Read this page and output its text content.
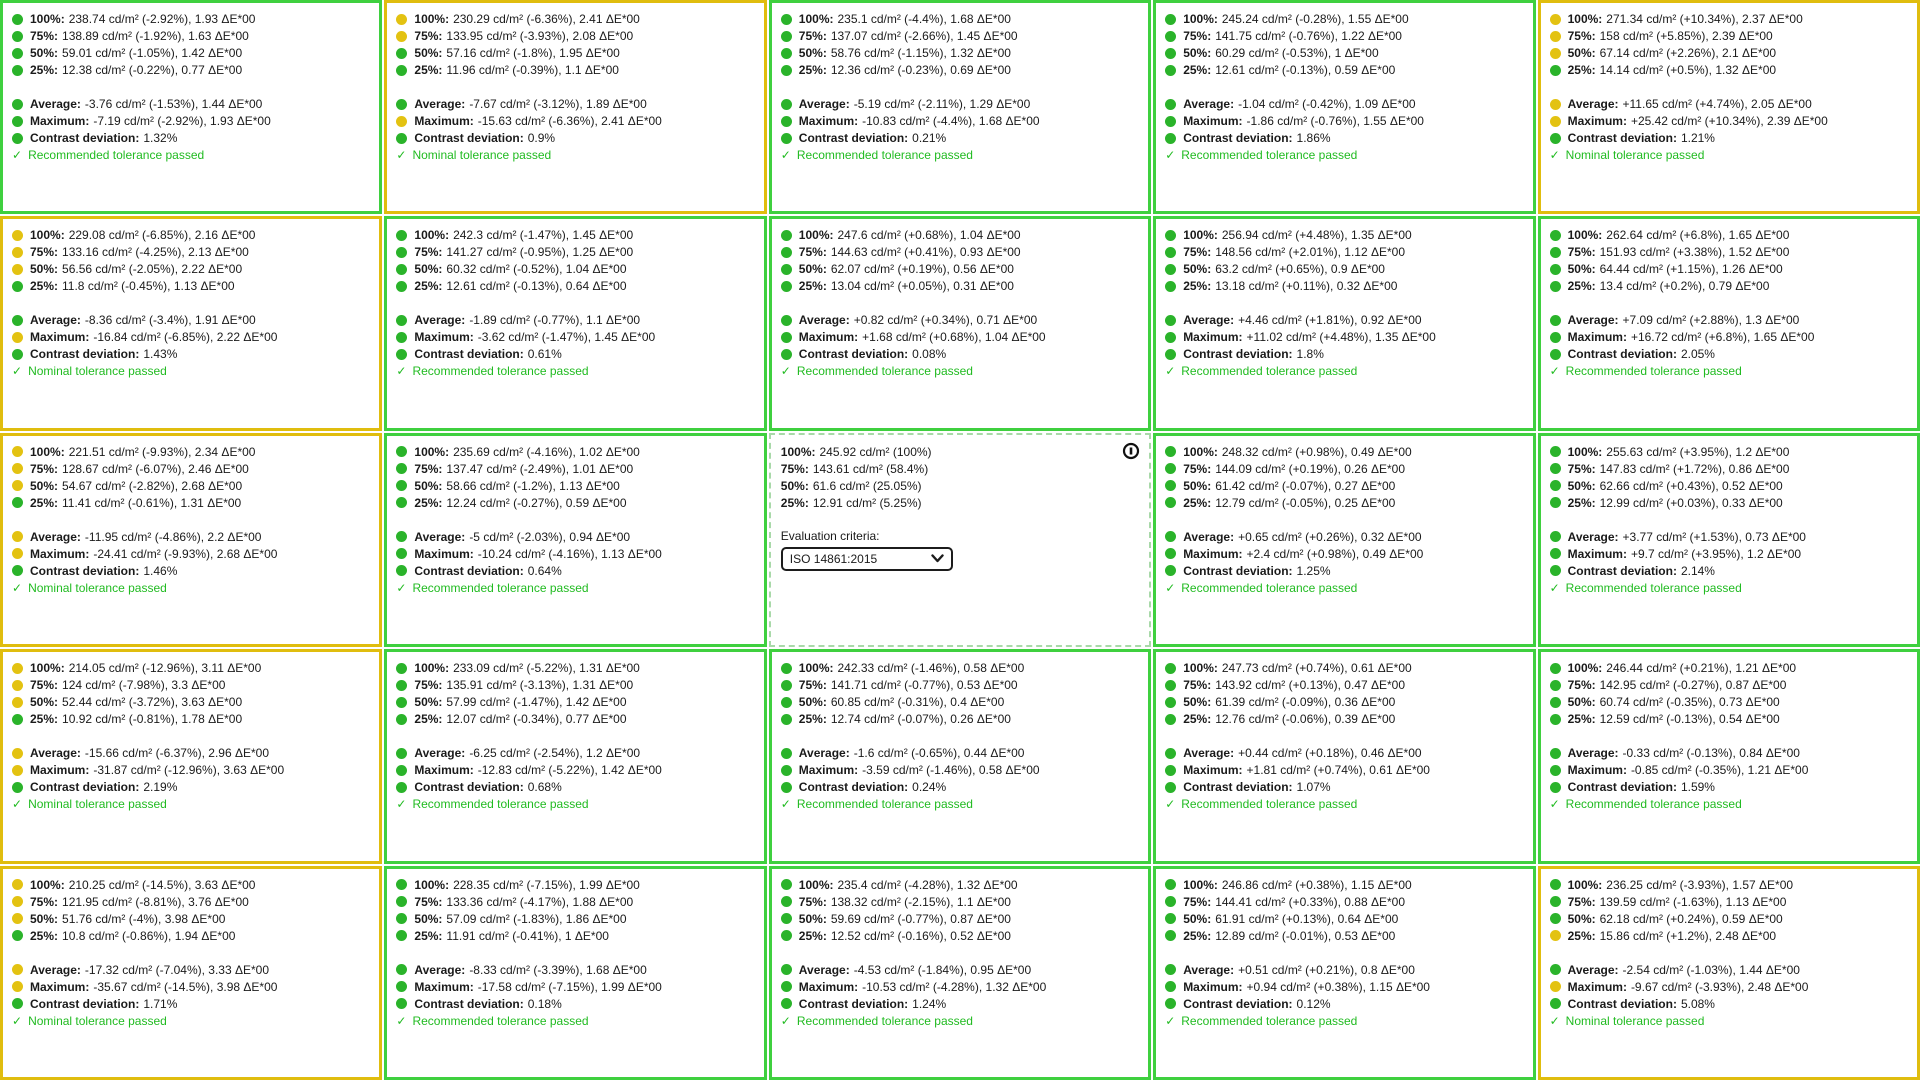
100%: 238.74 cd/m² (-2.92%), 1.93 ΔE*00
75%: 138.89 cd/m² (-1.92%), 1.63 ΔE*00
50%: 59.01 cd/m² (-1.05%), 1.42 ΔE*00
25%: 12.38 cd/m² (-0.22%), 0.77 ΔE*00
Average: -3.76 cd/m² (-1.53%), 1.44 ΔE*00
Maximum: -7.19 cd/m² (-2.92%), 1.93 ΔE*00
Contrast deviation: 1.32%
✓ Recommended tolerance passed
100%: 230.29 cd/m² (-6.36%), 2.41 ΔE*00
75%: 133.95 cd/m² (-3.93%), 2.08 ΔE*00
50%: 57.16 cd/m² (-1.8%), 1.95 ΔE*00
25%: 11.96 cd/m² (-0.39%), 1.1 ΔE*00
Average: -7.67 cd/m² (-3.12%), 1.89 ΔE*00
Maximum: -15.63 cd/m² (-6.36%), 2.41 ΔE*00
Contrast deviation: 0.9%
✓ Nominal tolerance passed
100%: 235.1 cd/m² (-4.4%), 1.68 ΔE*00
75%: 137.07 cd/m² (-2.66%), 1.45 ΔE*00
50%: 58.76 cd/m² (-1.15%), 1.32 ΔE*00
25%: 12.36 cd/m² (-0.23%), 0.69 ΔE*00
Average: -5.19 cd/m² (-2.11%), 1.29 ΔE*00
Maximum: -10.83 cd/m² (-4.4%), 1.68 ΔE*00
Contrast deviation: 0.21%
✓ Recommended tolerance passed
100%: 245.24 cd/m² (-0.28%), 1.55 ΔE*00
75%: 141.75 cd/m² (-0.76%), 1.22 ΔE*00
50%: 60.29 cd/m² (-0.53%), 1 ΔE*00
25%: 12.61 cd/m² (-0.13%), 0.59 ΔE*00
Average: -1.04 cd/m² (-0.42%), 1.09 ΔE*00
Maximum: -1.86 cd/m² (-0.76%), 1.55 ΔE*00
Contrast deviation: 1.86%
✓ Recommended tolerance passed
100%: 271.34 cd/m² (+10.34%), 2.37 ΔE*00
75%: 158 cd/m² (+5.85%), 2.39 ΔE*00
50%: 67.14 cd/m² (+2.26%), 2.1 ΔE*00
25%: 14.14 cd/m² (+0.5%), 1.32 ΔE*00
Average: +11.65 cd/m² (+4.74%), 2.05 ΔE*00
Maximum: +25.42 cd/m² (+10.34%), 2.39 ΔE*00
Contrast deviation: 1.21%
✓ Nominal tolerance passed
100%: 229.08 cd/m² (-6.85%), 2.16 ΔE*00
75%: 133.16 cd/m² (-4.25%), 2.13 ΔE*00
50%: 56.56 cd/m² (-2.05%), 2.22 ΔE*00
25%: 11.8 cd/m² (-0.45%), 1.13 ΔE*00
Average: -8.36 cd/m² (-3.4%), 1.91 ΔE*00
Maximum: -16.84 cd/m² (-6.85%), 2.22 ΔE*00
Contrast deviation: 1.43%
✓ Nominal tolerance passed
100%: 242.3 cd/m² (-1.47%), 1.45 ΔE*00
75%: 141.27 cd/m² (-0.95%), 1.25 ΔE*00
50%: 60.32 cd/m² (-0.52%), 1.04 ΔE*00
25%: 12.61 cd/m² (-0.13%), 0.64 ΔE*00
Average: -1.89 cd/m² (-0.77%), 1.1 ΔE*00
Maximum: -3.62 cd/m² (-1.47%), 1.45 ΔE*00
Contrast deviation: 0.61%
✓ Recommended tolerance passed
100%: 247.6 cd/m² (+0.68%), 1.04 ΔE*00
75%: 144.63 cd/m² (+0.41%), 0.93 ΔE*00
50%: 62.07 cd/m² (+0.19%), 0.56 ΔE*00
25%: 13.04 cd/m² (+0.05%), 0.31 ΔE*00
Average: +0.82 cd/m² (+0.34%), 0.71 ΔE*00
Maximum: +1.68 cd/m² (+0.68%), 1.04 ΔE*00
Contrast deviation: 0.08%
✓ Recommended tolerance passed
100%: 256.94 cd/m² (+4.48%), 1.35 ΔE*00
75%: 148.56 cd/m² (+2.01%), 1.12 ΔE*00
50%: 63.2 cd/m² (+0.65%), 0.9 ΔE*00
25%: 13.18 cd/m² (+0.11%), 0.32 ΔE*00
Average: +4.46 cd/m² (+1.81%), 0.92 ΔE*00
Maximum: +11.02 cd/m² (+4.48%), 1.35 ΔE*00
Contrast deviation: 1.8%
✓ Recommended tolerance passed
100%: 262.64 cd/m² (+6.8%), 1.65 ΔE*00
75%: 151.93 cd/m² (+3.38%), 1.52 ΔE*00
50%: 64.44 cd/m² (+1.15%), 1.26 ΔE*00
25%: 13.4 cd/m² (+0.2%), 0.79 ΔE*00
Average: +7.09 cd/m² (+2.88%), 1.3 ΔE*00
Maximum: +16.72 cd/m² (+6.8%), 1.65 ΔE*00
Contrast deviation: 2.05%
✓ Recommended tolerance passed
100%: 221.51 cd/m² (-9.93%), 2.34 ΔE*00
75%: 128.67 cd/m² (-6.07%), 2.46 ΔE*00
50%: 54.67 cd/m² (-2.82%), 2.68 ΔE*00
25%: 11.41 cd/m² (-0.61%), 1.31 ΔE*00
Average: -11.95 cd/m² (-4.86%), 2.2 ΔE*00
Maximum: -24.41 cd/m² (-9.93%), 2.68 ΔE*00
Contrast deviation: 1.46%
✓ Nominal tolerance passed
100%: 235.69 cd/m² (-4.16%), 1.02 ΔE*00
75%: 137.47 cd/m² (-2.49%), 1.01 ΔE*00
50%: 58.66 cd/m² (-1.2%), 1.13 ΔE*00
25%: 12.24 cd/m² (-0.27%), 0.59 ΔE*00
Average: -5 cd/m² (-2.03%), 0.94 ΔE*00
Maximum: -10.24 cd/m² (-4.16%), 1.13 ΔE*00
Contrast deviation: 0.64%
✓ Recommended tolerance passed
100%: 245.92 cd/m² (100%)
75%: 143.61 cd/m² (58.4%)
50%: 61.6 cd/m² (25.05%)
25%: 12.91 cd/m² (5.25%)
Evaluation criteria:
ISO 14861:2015
100%: 248.32 cd/m² (+0.98%), 0.49 ΔE*00
75%: 144.09 cd/m² (+0.19%), 0.26 ΔE*00
50%: 61.42 cd/m² (-0.07%), 0.27 ΔE*00
25%: 12.79 cd/m² (-0.05%), 0.25 ΔE*00
Average: +0.65 cd/m² (+0.26%), 0.32 ΔE*00
Maximum: +2.4 cd/m² (+0.98%), 0.49 ΔE*00
Contrast deviation: 1.25%
✓ Recommended tolerance passed
100%: 255.63 cd/m² (+3.95%), 1.2 ΔE*00
75%: 147.83 cd/m² (+1.72%), 0.86 ΔE*00
50%: 62.66 cd/m² (+0.43%), 0.52 ΔE*00
25%: 12.99 cd/m² (+0.03%), 0.33 ΔE*00
Average: +3.77 cd/m² (+1.53%), 0.73 ΔE*00
Maximum: +9.7 cd/m² (+3.95%), 1.2 ΔE*00
Contrast deviation: 2.14%
✓ Recommended tolerance passed
100%: 214.05 cd/m² (-12.96%), 3.11 ΔE*00
75%: 124 cd/m² (-7.98%), 3.3 ΔE*00
50%: 52.44 cd/m² (-3.72%), 3.63 ΔE*00
25%: 10.92 cd/m² (-0.81%), 1.78 ΔE*00
Average: -15.66 cd/m² (-6.37%), 2.96 ΔE*00
Maximum: -31.87 cd/m² (-12.96%), 3.63 ΔE*00
Contrast deviation: 2.19%
✓ Nominal tolerance passed
100%: 233.09 cd/m² (-5.22%), 1.31 ΔE*00
75%: 135.91 cd/m² (-3.13%), 1.31 ΔE*00
50%: 57.99 cd/m² (-1.47%), 1.42 ΔE*00
25%: 12.07 cd/m² (-0.34%), 0.77 ΔE*00
Average: -6.25 cd/m² (-2.54%), 1.2 ΔE*00
Maximum: -12.83 cd/m² (-5.22%), 1.42 ΔE*00
Contrast deviation: 0.68%
✓ Recommended tolerance passed
100%: 242.33 cd/m² (-1.46%), 0.58 ΔE*00
75%: 141.71 cd/m² (-0.77%), 0.53 ΔE*00
50%: 60.85 cd/m² (-0.31%), 0.4 ΔE*00
25%: 12.74 cd/m² (-0.07%), 0.26 ΔE*00
Average: -1.6 cd/m² (-0.65%), 0.44 ΔE*00
Maximum: -3.59 cd/m² (-1.46%), 0.58 ΔE*00
Contrast deviation: 0.24%
✓ Recommended tolerance passed
100%: 247.73 cd/m² (+0.74%), 0.61 ΔE*00
75%: 143.92 cd/m² (+0.13%), 0.47 ΔE*00
50%: 61.39 cd/m² (-0.09%), 0.36 ΔE*00
25%: 12.76 cd/m² (-0.06%), 0.39 ΔE*00
Average: +0.44 cd/m² (+0.18%), 0.46 ΔE*00
Maximum: +1.81 cd/m² (+0.74%), 0.61 ΔE*00
Contrast deviation: 1.07%
✓ Recommended tolerance passed
100%: 246.44 cd/m² (+0.21%), 1.21 ΔE*00
75%: 142.95 cd/m² (-0.27%), 0.87 ΔE*00
50%: 60.74 cd/m² (-0.35%), 0.73 ΔE*00
25%: 12.59 cd/m² (-0.13%), 0.54 ΔE*00
Average: -0.33 cd/m² (-0.13%), 0.84 ΔE*00
Maximum: -0.85 cd/m² (-0.35%), 1.21 ΔE*00
Contrast deviation: 1.59%
✓ Recommended tolerance passed
100%: 210.25 cd/m² (-14.5%), 3.63 ΔE*00
75%: 121.95 cd/m² (-8.81%), 3.76 ΔE*00
50%: 51.76 cd/m² (-4%), 3.98 ΔE*00
25%: 10.8 cd/m² (-0.86%), 1.94 ΔE*00
Average: -17.32 cd/m² (-7.04%), 3.33 ΔE*00
Maximum: -35.67 cd/m² (-14.5%), 3.98 ΔE*00
Contrast deviation: 1.71%
✓ Nominal tolerance passed
100%: 228.35 cd/m² (-7.15%), 1.99 ΔE*00
75%: 133.36 cd/m² (-4.17%), 1.88 ΔE*00
50%: 57.09 cd/m² (-1.83%), 1.86 ΔE*00
25%: 11.91 cd/m² (-0.41%), 1 ΔE*00
Average: -8.33 cd/m² (-3.39%), 1.68 ΔE*00
Maximum: -17.58 cd/m² (-7.15%), 1.99 ΔE*00
Contrast deviation: 0.18%
✓ Recommended tolerance passed
100%: 235.4 cd/m² (-4.28%), 1.32 ΔE*00
75%: 138.32 cd/m² (-2.15%), 1.1 ΔE*00
50%: 59.69 cd/m² (-0.77%), 0.87 ΔE*00
25%: 12.52 cd/m² (-0.16%), 0.52 ΔE*00
Average: -4.53 cd/m² (-1.84%), 0.95 ΔE*00
Maximum: -10.53 cd/m² (-4.28%), 1.32 ΔE*00
Contrast deviation: 1.24%
✓ Recommended tolerance passed
100%: 246.86 cd/m² (+0.38%), 1.15 ΔE*00
75%: 144.41 cd/m² (+0.33%), 0.88 ΔE*00
50%: 61.91 cd/m² (+0.13%), 0.64 ΔE*00
25%: 12.89 cd/m² (-0.01%), 0.53 ΔE*00
Average: +0.51 cd/m² (+0.21%), 0.8 ΔE*00
Maximum: +0.94 cd/m² (+0.38%), 1.15 ΔE*00
Contrast deviation: 0.12%
✓ Recommended tolerance passed
100%: 236.25 cd/m² (-3.93%), 1.57 ΔE*00
75%: 139.59 cd/m² (-1.63%), 1.13 ΔE*00
50%: 62.18 cd/m² (+0.24%), 0.59 ΔE*00
25%: 15.86 cd/m² (+1.2%), 2.48 ΔE*00
Average: -2.54 cd/m² (-1.03%), 1.44 ΔE*00
Maximum: -9.67 cd/m² (-3.93%), 2.48 ΔE*00
Contrast deviation: 5.08%
✓ Nominal tolerance passed
